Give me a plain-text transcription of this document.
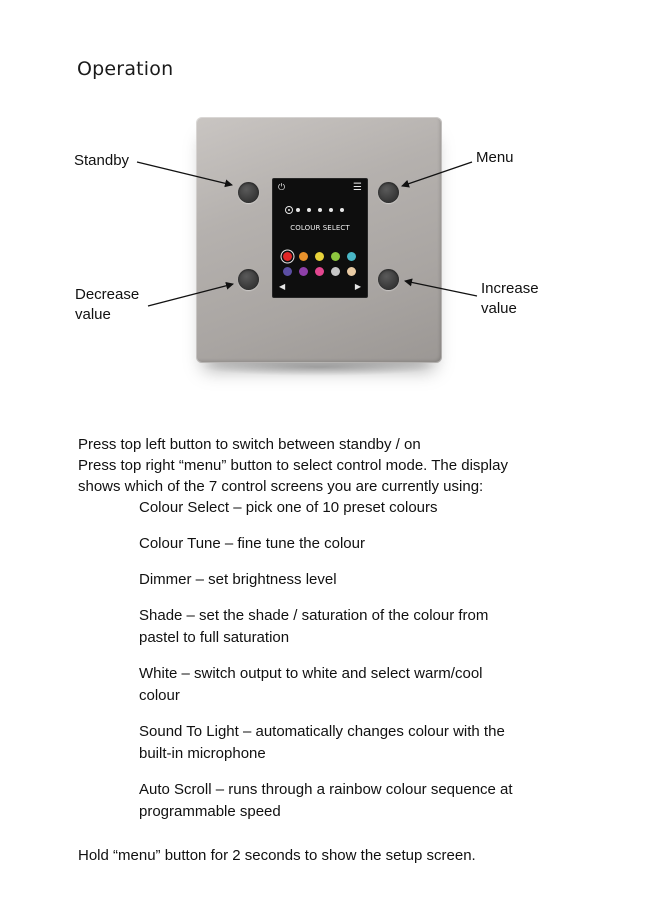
Operation
⏻	☰
COLOUR SELECT
◀	▶
Standby	Menu
Decrease
value
Increase
value
Press top left button to switch between standby / on
Press top right “menu” button to select control mode. The display
shows which of the 7 control screens you are currently using:
Colour Select – pick one of 10 preset colours
Colour Tune – fine tune the colour
Dimmer – set brightness level
Shade – set the shade / saturation of the colour from
pastel to full saturation
White – switch output to white and select warm/cool
colour
Sound To Light – automatically changes colour with the
built-in microphone
Auto Scroll – runs through a rainbow colour sequence at
programmable speed
Hold “menu” button for 2 seconds to show the setup screen.
